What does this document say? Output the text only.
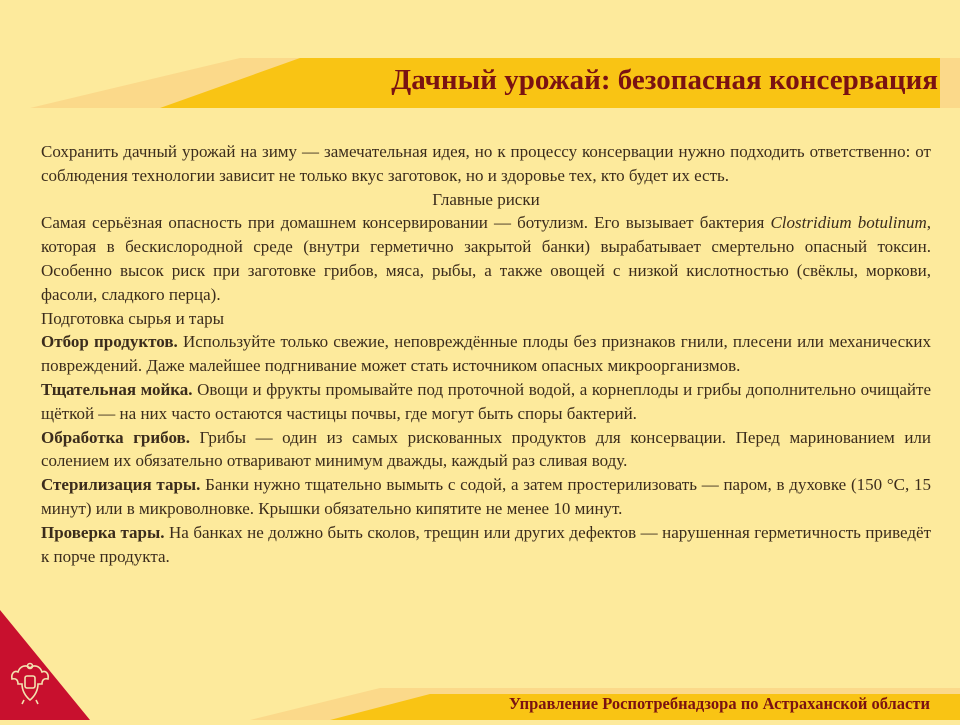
Дачный урожай: безопасная консервация

Сохранить дачный урожай на зиму — замечательная идея, но к процессу консервации нужно подходить ответственно: от соблюдения технологии зависит не только вкус заготовок, но и здоровье тех, кто будет их есть.

Главные риски

Самая серьёзная опасность при домашнем консервировании — ботулизм. Его вызывает бактерия Clostridium botulinum, которая в бескислородной среде (внутри герметично закрытой банки) вырабатывает смертельно опасный токсин. Особенно высок риск при заготовке грибов, мяса, рыбы, а также овощей с низкой кислотностью (свёклы, моркови, фасоли, сладкого перца).

Подготовка сырья и тары

Отбор продуктов. Используйте только свежие, неповреждённые плоды без признаков гнили, плесени или механических повреждений. Даже малейшее подгнивание может стать источником опасных микроорганизмов.

Тщательная мойка. Овощи и фрукты промывайте под проточной водой, а корнеплоды и грибы дополнительно очищайте щёткой — на них часто остаются частицы почвы, где могут быть споры бактерий.

Обработка грибов. Грибы — один из самых рискованных продуктов для консервации. Перед маринованием или солением их обязательно отваривают минимум дважды, каждый раз сливая воду.

Стерилизация тары. Банки нужно тщательно вымыть с содой, а затем простерилизовать — паром, в духовке (150 °С, 15 минут) или в микроволновке. Крышки обязательно кипятите не менее 10 минут.

Проверка тары. На банках не должно быть сколов, трещин или других дефектов — нарушенная герметичность приведёт к порче продукта.

Управление Роспотребнадзора по Астраханской области
